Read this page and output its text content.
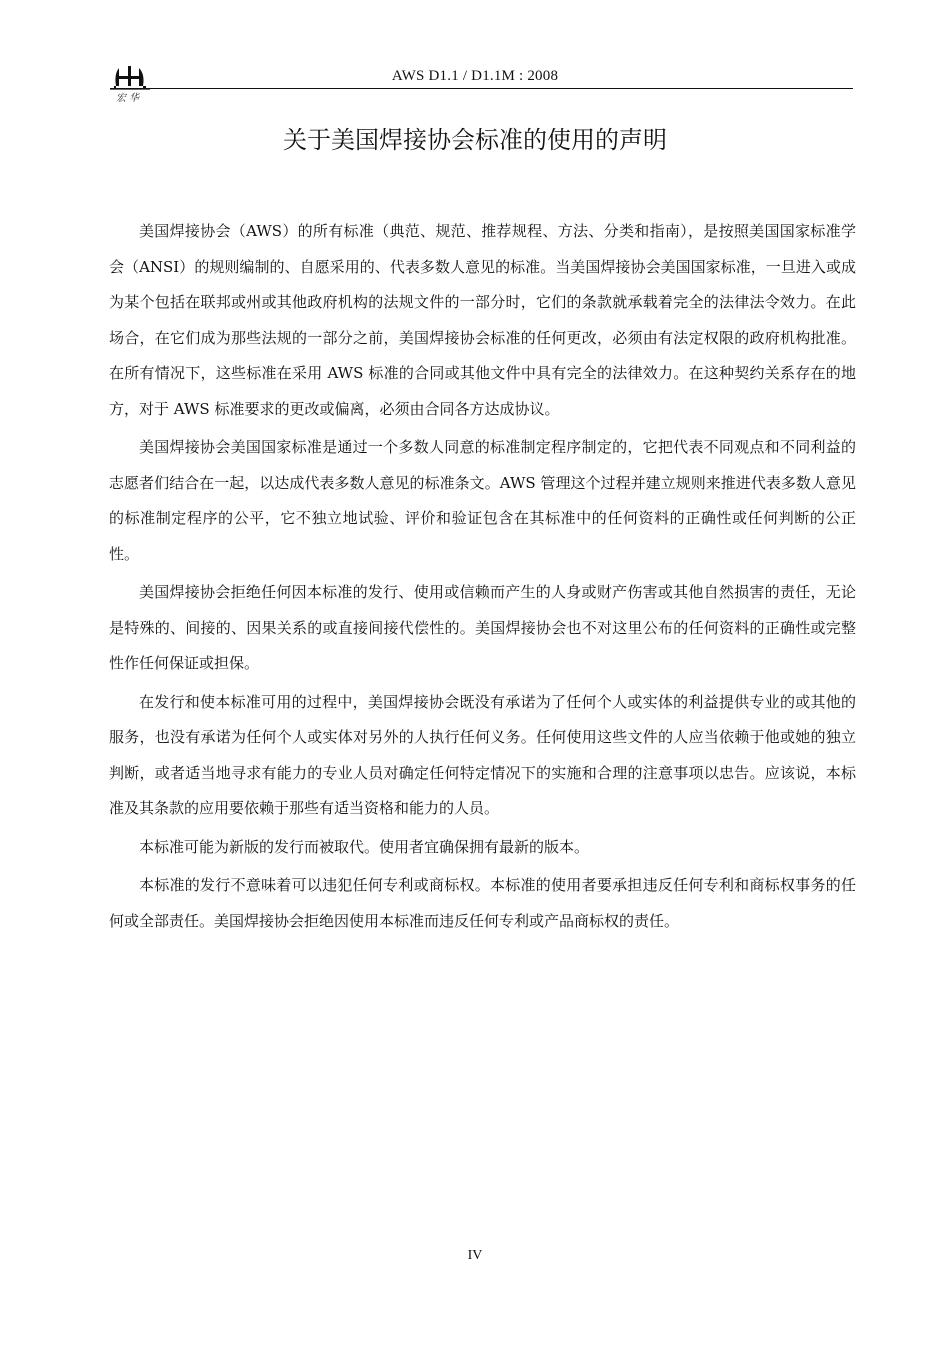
宏华
AWS D1.1 / D1.1M : 2008
关于美国焊接协会标准的使用的声明

美国焊接协会（AWS）的所有标准（典范、规范、推荐规程、方法、分类和指南），是按照美国国家标准学会（ANSI）的规则编制的、自愿采用的、代表多数人意见的标准。当美国焊接协会美国国家标准，一旦进入或成为某个包括在联邦或州或其他政府机构的法规文件的一部分时，它们的条款就承载着完全的法律法令效力。在此场合，在它们成为那些法规的一部分之前，美国焊接协会标准的任何更改，必须由有法定权限的政府机构批准。在所有情况下，这些标准在采用 AWS 标准的合同或其他文件中具有完全的法律效力。在这种契约关系存在的地方，对于 AWS 标准要求的更改或偏离，必须由合同各方达成协议。

美国焊接协会美国国家标准是通过一个多数人同意的标准制定程序制定的，它把代表不同观点和不同利益的志愿者们结合在一起，以达成代表多数人意见的标准条文。AWS 管理这个过程并建立规则来推进代表多数人意见的标准制定程序的公平，它不独立地试验、评价和验证包含在其标准中的任何资料的正确性或任何判断的公正性。

美国焊接协会拒绝任何因本标准的发行、使用或信赖而产生的人身或财产伤害或其他自然损害的责任，无论是特殊的、间接的、因果关系的或直接间接代偿性的。美国焊接协会也不对这里公布的任何资料的正确性或完整性作任何保证或担保。

在发行和使本标准可用的过程中，美国焊接协会既没有承诺为了任何个人或实体的利益提供专业的或其他的服务，也没有承诺为任何个人或实体对另外的人执行任何义务。任何使用这些文件的人应当依赖于他或她的独立判断，或者适当地寻求有能力的专业人员对确定任何特定情况下的实施和合理的注意事项以忠告。应该说，本标准及其条款的应用要依赖于那些有适当资格和能力的人员。

本标准可能为新版的发行而被取代。使用者宜确保拥有最新的版本。

本标准的发行不意味着可以违犯任何专利或商标权。本标准的使用者要承担违反任何专利和商标权事务的任何或全部责任。美国焊接协会拒绝因使用本标准而违反任何专利或产品商标权的责任。

IV
